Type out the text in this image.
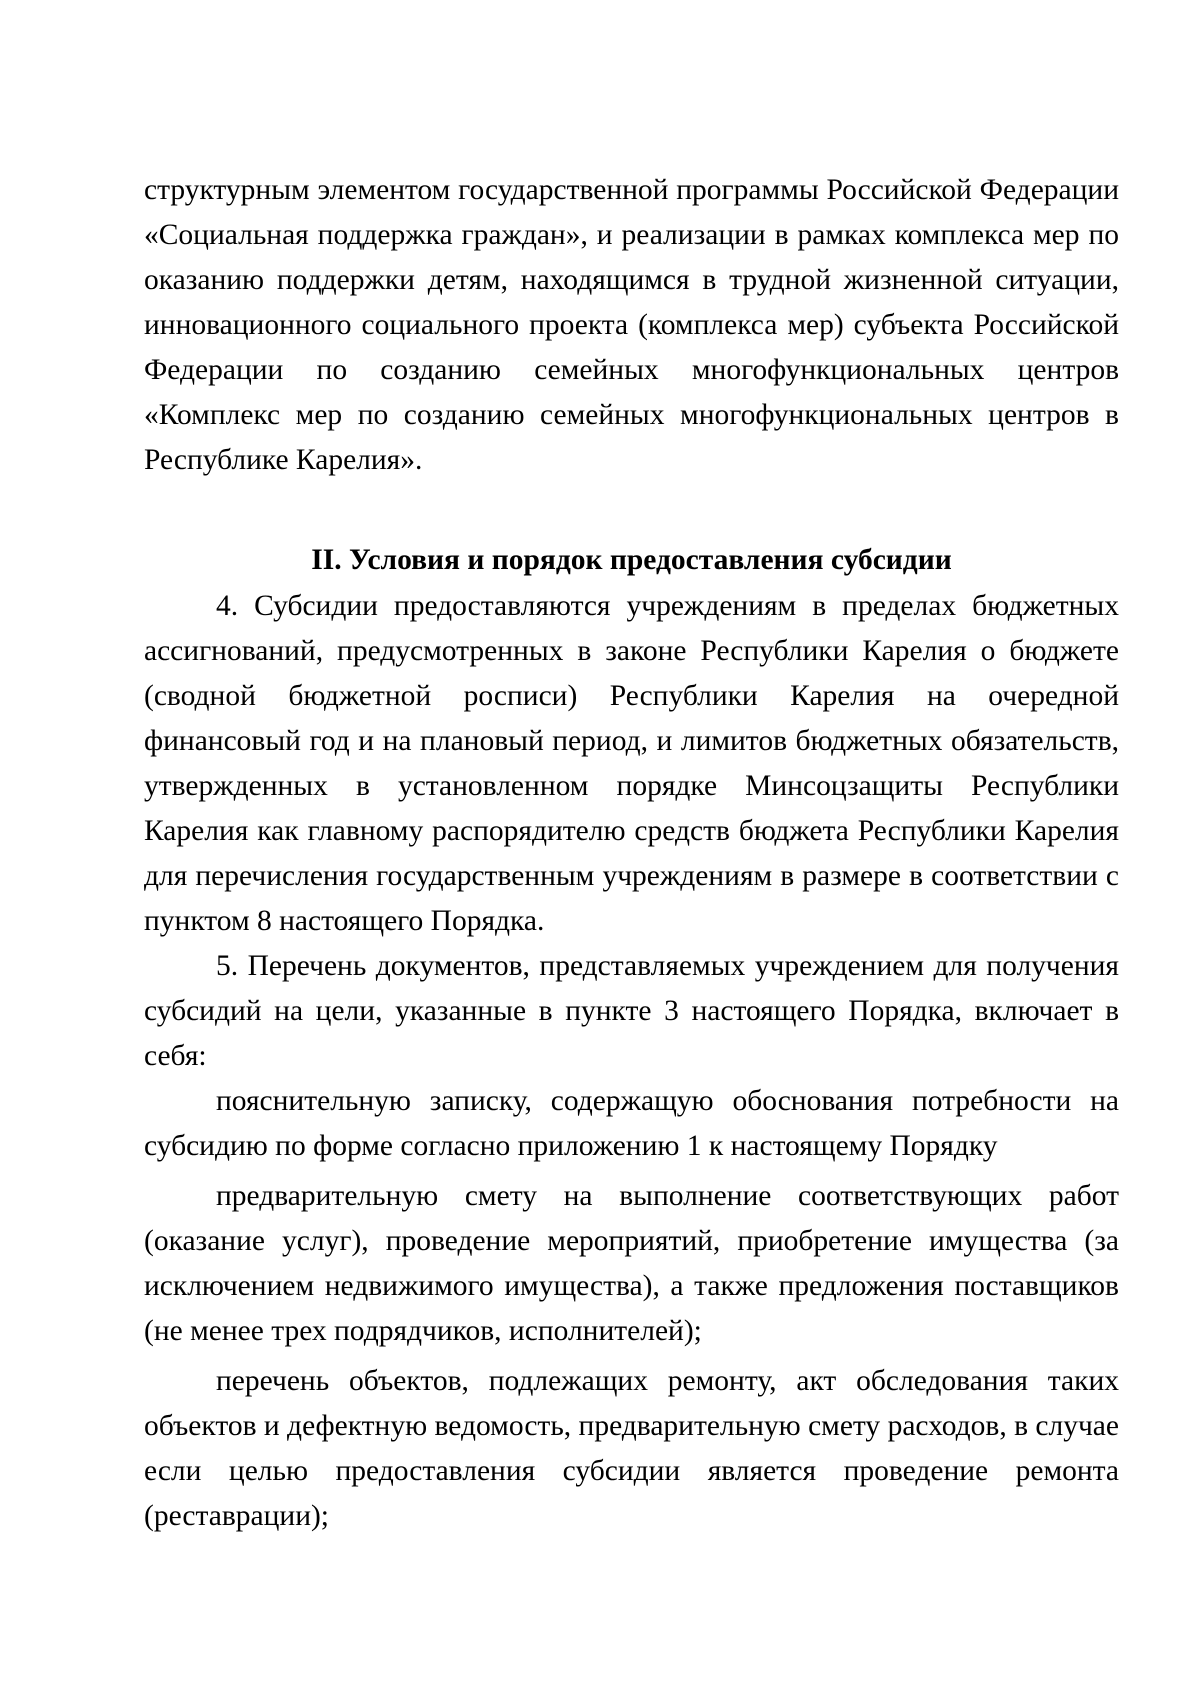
структурным элементом государственной программы Российской Федерации «Социальная поддержка граждан», и реализации в рамках комплекса мер по оказанию поддержки детям, находящимся в трудной жизненной ситуации, инновационного социального проекта (комплекса мер) субъекта Российской Федерации по созданию семейных многофункциональных центров «Комплекс мер по созданию семейных многофункциональных центров в Республике Карелия».

II. Условия и порядок предоставления субсидии

4. Субсидии предоставляются учреждениям в пределах бюджетных ассигнований, предусмотренных в законе Республики Карелия о бюджете (сводной бюджетной росписи) Республики Карелия на очередной финансовый год и на плановый период, и лимитов бюджетных обязательств, утвержденных в установленном порядке Минсоцзащиты Республики Карелия как главному распорядителю средств бюджета Республики Карелия для перечисления государственным учреждениям в размере в соответствии с пунктом 8 настоящего Порядка.

5. Перечень документов, представляемых учреждением для получения субсидий на цели, указанные в пункте 3 настоящего Порядка, включает в себя:

пояснительную записку, содержащую обоснования потребности на субсидию по форме согласно приложению 1 к настоящему Порядку

предварительную смету на выполнение соответствующих работ (оказание услуг), проведение мероприятий, приобретение имущества (за исключением недвижимого имущества), а также предложения поставщиков (не менее трех подрядчиков, исполнителей);

перечень объектов, подлежащих ремонту, акт обследования таких объектов и дефектную ведомость, предварительную смету расходов, в случае если целью предоставления субсидии является проведение ремонта (реставрации);
